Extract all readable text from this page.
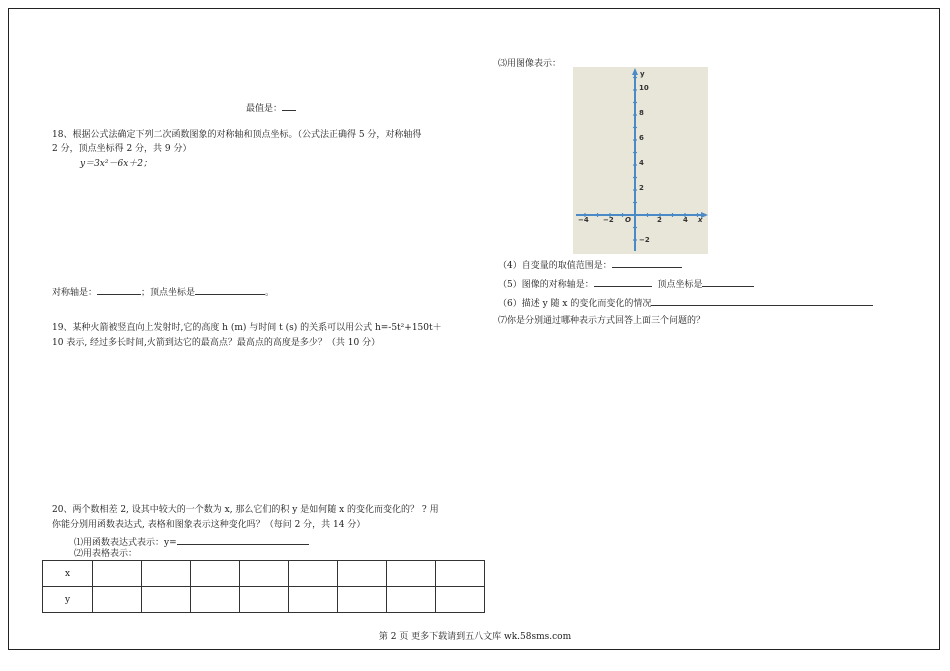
最值是：
18、根据公式法确定下列二次函数图象的对称轴和顶点坐标。（公式法正确得 5 分，对称轴得
2 分，顶点坐标得 2 分，共 9 分）
y＝3x²－6x＋2；
对称轴是：	；顶点坐标是	。
19、某种火箭被竖直向上发射时,它的高度 h (m) 与时间 t (s) 的关系可以用公式 h=-5t²+150t＋
10 表示, 经过多长时间,火箭到达它的最高点？最高点的高度是多少？（共 10 分）
20、两个数相差 2, 设其中较大的一个数为 x, 那么它们的积 y 是如何随 x 的变化而变化的？ ? 用
你能分别用函数表达式, 表格和图象表示这种变化吗？（每问 2 分，共 14 分）
⑴用函数表达式表示：y=
⑵用表格表示：
x								
y								
⑶用图像表示：
y
x
O
10
8
6
4
2
−2
−4 −2	2	4
（4）自变量的取值范围是：
（5）图像的对称轴是：	顶点坐标是
（6）描述 y 随 x 的变化而变化的情况
⑺你是分别通过哪种表示方式回答上面三个问题的？
第 2 页 更多下载请到五八文库 wk.58sms.com
